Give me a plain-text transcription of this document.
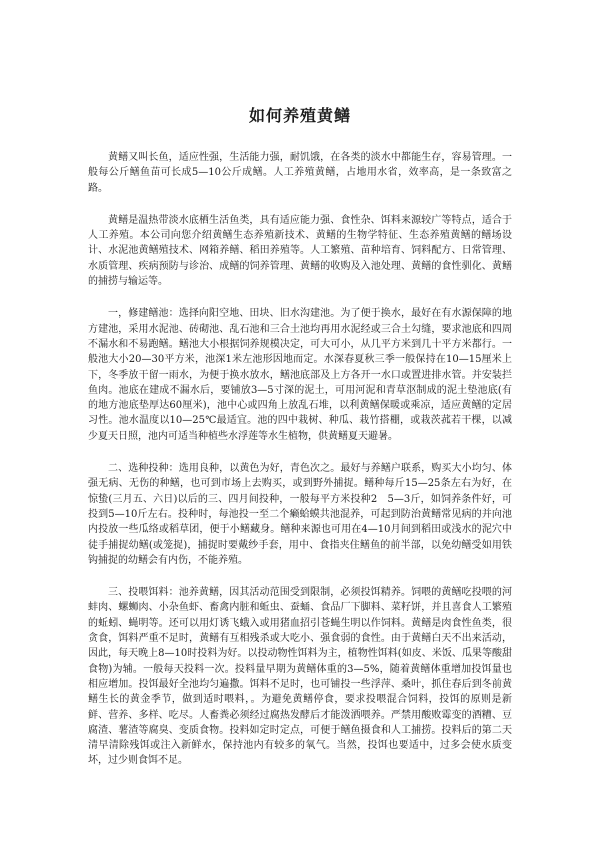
如何养殖黄鳝

黄鳝又叫长鱼，适应性强，生活能力强，耐饥饿，在各类的淡水中都能生存，容易管理。一般每公斤鳝鱼苗可长成5—10公斤成鳝。人工养殖黄鳝，占地用水省，效率高，是一条致富之路。

黄鳝是温热带淡水底栖生活鱼类，具有适应能力强、食性杂、饵料来源较广等特点，适合于人工养殖。本公司向您介绍黄鳝生态养殖新技术、黄鳝的生物学特征、生态养殖黄鳝的鳝场设计、水泥池黄鳝殖技术、网箱养鳝、稻田养殖等。人工繁殖、苗种培育、饲料配方、日常管理、水质管理、疾病预防与诊治、成鳝的饲养管理、黄鳝的收购及入池处理、黄鳝的食性驯化、黄鳝的捕捞与输运等。

一，修建鳝池：选择向阳空地、田块、旧水沟建池。为了便于换水，最好在有水源保障的地方建池，采用水泥池、砖砌池、乱石池和三合土池均再用水泥经或三合土勾缝，要求池底和四周不漏水和不易跑鳝。鳝池大小根据饲养规模决定，可大可小，从几平方米到几十平方米都行。一般池大小20—30平方米，池深1米左池形因地而定。水深春夏秋三季一般保持在10—15厘米上下，冬季放干留一雨水，为便于换水放水，鳝池底部及上方各开一水口或置进排水管。并安装拦鱼肉。池底在建成不漏水后，要铺放3—5寸深的泥土，可用河泥和青草沤制成的泥土垫池底(有的地方池底垫厚达60厘米)，池中心或四角上放乱石堆，以利黄鳝保暖或乘凉，适应黄鳝的定居习性。池水温度以10—25℃最适宜。池的四中栽树、种瓜、栽竹搭棚，或栽茨菰若干棵，以减少夏天日照，池内可适当种植些水浮莲等水生植物，供黄鳝夏天避暑。

二、选种投种：选用良种，以黄色为好，青色次之。最好与养鳝户联系，购买大小均匀、体强无病、无伤的种鳝，也可到市场上去购买，或到野外捕捉。鳝种每斤15—25条左右为好，在惊蛰(三月五、六日)以后的三、四月间投种，一般每平方米投种2　5—3斤，如饲养条件好，可投到5—10斤左右。投种时，每池投一至二个癞蛤蟆共池混养，可起到防治黄鳝常见病的并向池内投放一些瓜络或稻草团，便于小鳝藏身。鳝种来源也可用在4—10月间到稻田或浅水的泥穴中徒手捕捉幼鳝(或笼捉)，捕捉时要戴纱手套，用中、食指夹住鳝鱼的前半部，以免幼鳝受如用铁钩捕捉的幼鳝会有内伤，不能养殖。

三、投喂饵料：池养黄鳝，因其活动范围受到限制，必须投饵精养。饲喂的黄鳝吃投喂的河蚌肉、螺蛳肉、小杂鱼虾、畜禽内脏和蚯虫、蚕蛹、食品厂下脚料、菜籽饼，并且喜食人工繁殖的蚯蚓、蝇明等。还可以用灯诱飞蛾入或用猪血招引苍蝇生明以作饲料。黄鳝是肉食性鱼类，很贪食，饵料严重不足时，黄鳝有互相残杀或大吃小、强食弱的食性。由于黄鳝白天不出来活动，因此，每天晚上8—10时投料为好。以投动物性饵料为主，植物性饵料(如皮、米饭、瓜果等酸甜食物)为辅。一般每天投料一次。投料量早期为黄鳝体重的3—5%，随着黄鳝体重增加投饵量也相应增加。投饵最好全池均匀遍撒。饵料不足时，也可铺投一些浮萍、桑叶，抓住春后到冬前黄鳝生长的黄金季节，做到适时喂料，。为避免黄鳝停食，要求投喂混合饲料，投饵的原则是新鲜、营养、多样、吃尽。人畜粪必须经过腐热发酵后才能泼洒喂养。严禁用酸败霉变的酒糟、豆腐渣、薯渣等腐臭、变质食物。投料如定时定点，可便于鳝鱼摄食和人工捕捞。投料后的第二天清早清除残饵或注入新鲜水，保持池内有较多的氧气。当然，投饵也要适中，过多会使水质变坏，过少则食饵不足。
